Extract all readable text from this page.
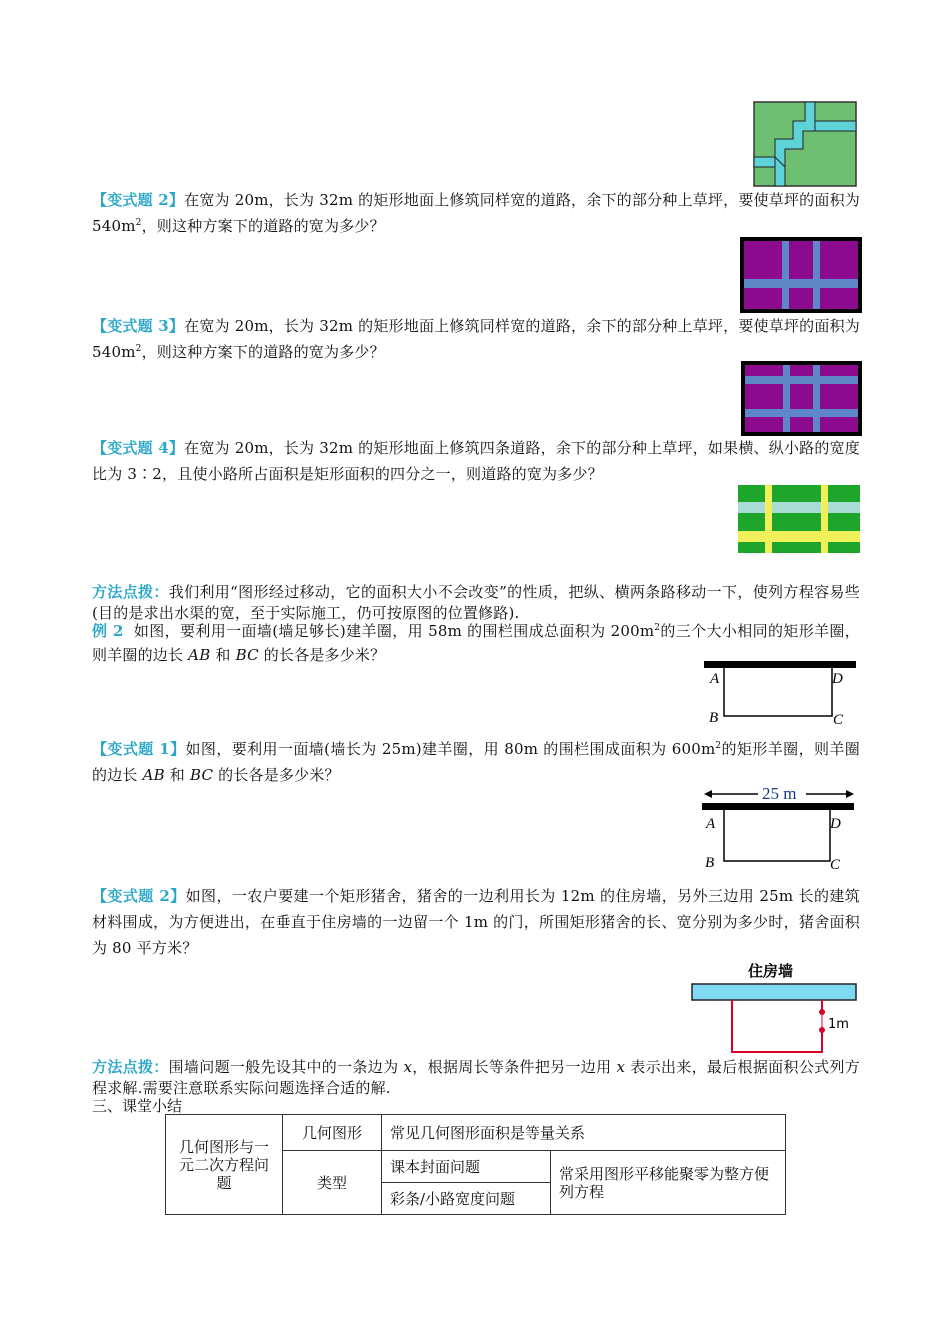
【变式题 2】在宽为 20m，长为 32m 的矩形地面上修筑同样宽的道路，余下的部分种上草坪，要使草坪的面积为 $540m^2$，则这种方案下的道路的宽为多少？

【变式题 3】在宽为 20m，长为 32m 的矩形地面上修筑同样宽的道路，余下的部分种上草坪，要使草坪的面积为 $540m^2$，则这种方案下的道路的宽为多少？

【变式题 4】在宽为 20m，长为 32m 的矩形地面上修筑四条道路，余下的部分种上草坪，如果横、纵小路的宽度比为 3∶2，且使小路所占面积是矩形面积的四分之一，则道路的宽为多少？

方法点拨：我们利用“图形经过移动，它的面积大小不会改变”的性质，把纵、横两条路移动一下，使列方程容易些(目的是求出水渠的宽，至于实际施工，仍可按原图的位置修路).

例 2 如图，要利用一面墙(墙足够长)建羊圈，用 58m 的围栏围成总面积为 $200m^2$的三个大小相同的矩形羊圈，则羊圈的边长 AB 和 BC 的长各是多少米？

A	D
B	C

【变式题 1】如图，要利用一面墙(墙长为 25m)建羊圈，用 80m 的围栏围成面积为 $600m^2$的矩形羊圈，则羊圈的边长 AB 和 BC 的长各是多少米？

25 m
A	D
B	C

【变式题 2】如图，一农户要建一个矩形猪舍，猪舍的一边利用长为 12m 的住房墙，另外三边用 25m 长的建筑材料围成，为方便进出，在垂直于住房墙的一边留一个 1m 的门，所围矩形猪舍的长、宽分别为多少时，猪舍面积为 80 平方米？

住房墙
1m

方法点拨：围墙问题一般先设其中的一条边为 x，根据周长等条件把另一边用 x 表示出来，最后根据面积公式列方程求解.需要注意联系实际问题选择合适的解.

三、课堂小结
几何图形与一元二次方程问题	几何图形	常见几何图形面积是等量关系	
	类型	课本封面问题	常采用图形平移能聚零为整方便列方程
		彩条/小路宽度问题	
